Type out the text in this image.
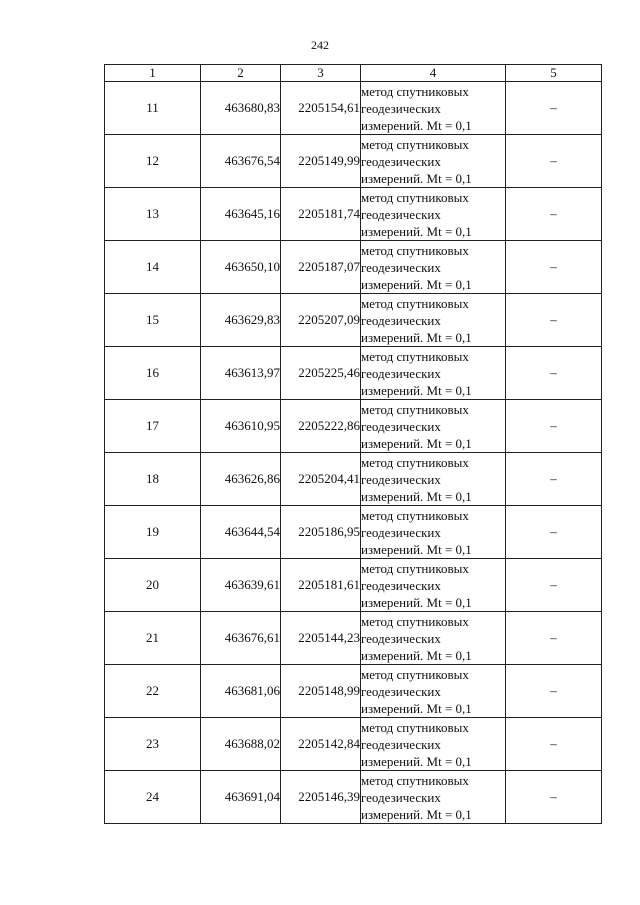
242
1	2	3	4	5
11	463680,83	2205154,61	метод спутниковых
геодезических
измерений. Mt = 0,1	–
12	463676,54	2205149,99	метод спутниковых
геодезических
измерений. Mt = 0,1	–
13	463645,16	2205181,74	метод спутниковых
геодезических
измерений. Mt = 0,1	–
14	463650,10	2205187,07	метод спутниковых
геодезических
измерений. Mt = 0,1	–
15	463629,83	2205207,09	метод спутниковых
геодезических
измерений. Mt = 0,1	–
16	463613,97	2205225,46	метод спутниковых
геодезических
измерений. Mt = 0,1	–
17	463610,95	2205222,86	метод спутниковых
геодезических
измерений. Mt = 0,1	–
18	463626,86	2205204,41	метод спутниковых
геодезических
измерений. Mt = 0,1	–
19	463644,54	2205186,95	метод спутниковых
геодезических
измерений. Mt = 0,1	–
20	463639,61	2205181,61	метод спутниковых
геодезических
измерений. Mt = 0,1	–
21	463676,61	2205144,23	метод спутниковых
геодезических
измерений. Mt = 0,1	–
22	463681,06	2205148,99	метод спутниковых
геодезических
измерений. Mt = 0,1	–
23	463688,02	2205142,84	метод спутниковых
геодезических
измерений. Mt = 0,1	–
24	463691,04	2205146,39	метод спутниковых
геодезических
измерений. Mt = 0,1	–
